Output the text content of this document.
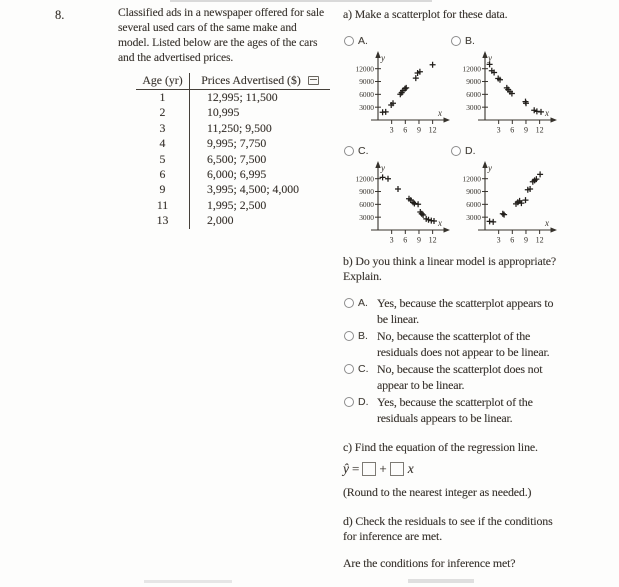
8.	Classified ads in a newspaper offered for sale
several used cars of the same make and
model. Listed below are the ages of the cars
and the advertised prices.
Age (yr)	Prices Advertised ($)
1	12,995; 11,500
2	10,995
3	11,250; 9,500
4	9,995; 7,750
5	6,500; 7,500
6	6,000; 6,995
9	3,995; 4,500; 4,000
11	1,995; 2,500
13	2,000
a) Make a scatterplot for these data.
A.
y
x
12000
9000
6000
3000
3 6 9 12
B.
y
x
12000
9000
6000
3000
3 6 9 12
C.
y
x
12000
9000
6000
3000
3 6 9 12
D.
y
x
12000
9000
6000
3000
3 6 9 12
b) Do you think a linear model is appropriate?
Explain.
A. Yes, because the scatterplot appears to
be linear.
B. No, because the scatterplot of the
residuals does not appear to be linear.
C. No, because the scatterplot does not
appear to be linear.
D. Yes, because the scatterplot of the
residuals appears to be linear.
c) Find the equation of the regression line.
ŷ = + x
(Round to the nearest integer as needed.)
d) Check the residuals to see if the conditions
for inference are met.
Are the conditions for inference met?
